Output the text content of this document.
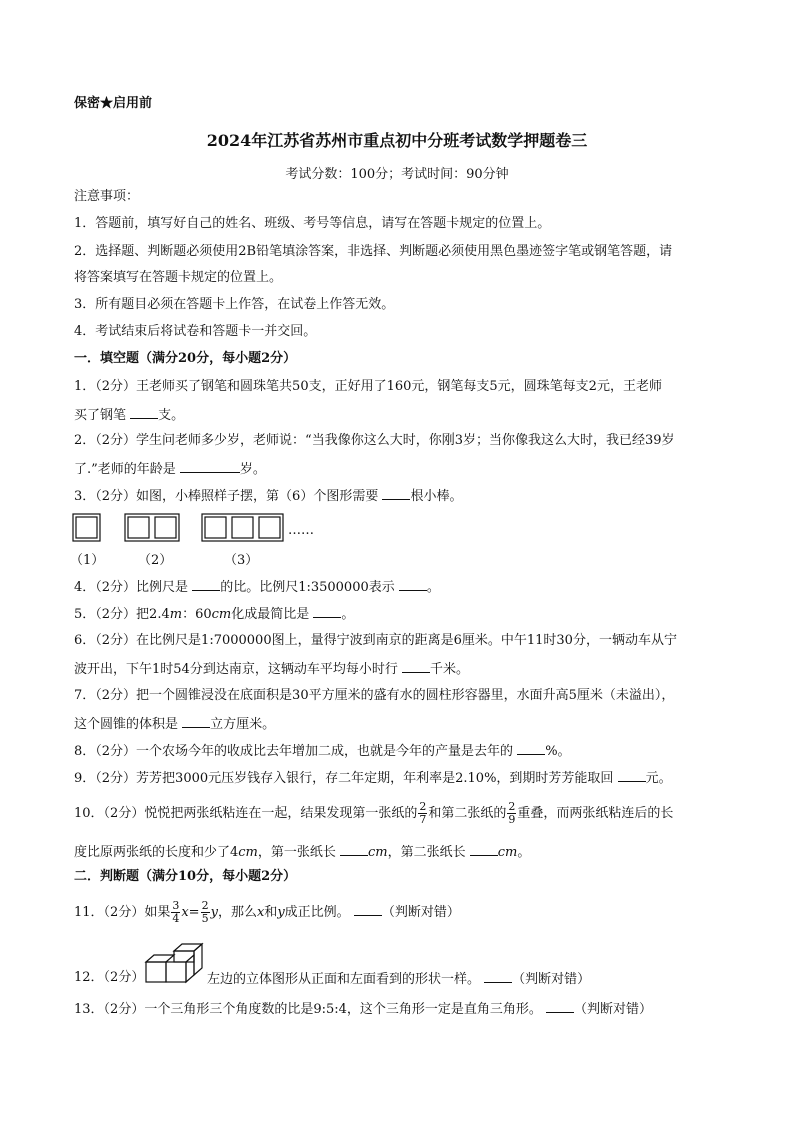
保密★启用前
2024年江苏省苏州市重点初中分班考试数学押题卷三
考试分数：100分；考试时间：90分钟
注意事项：
1．答题前，填写好自己的姓名、班级、考号等信息，请写在答题卡规定的位置上。
2．选择题、判断题必须使用2B铅笔填涂答案，非选择、判断题必须使用黑色墨迹签字笔或钢笔答题，请
将答案填写在答题卡规定的位置上。
3．所有题目必须在答题卡上作答，在试卷上作答无效。
4．考试结束后将试卷和答题卡一并交回。
一．填空题（满分20分，每小题2分）
1．（2分）王老师买了钢笔和圆珠笔共50支，正好用了160元，钢笔每支5元，圆珠笔每支2元，王老师
买了钢笔 支。
2．（2分）学生问老师多少岁，老师说：“当我像你这么大时，你刚3岁；当你像我这么大时，我已经39岁
了.”老师的年龄是	岁。
3．（2分）如图，小棒照样子摆，第（6）个图形需要 根小棒。
……
（1）	（2）	（3）
4．（2分）比例尺是 的比。比例尺1:3500000表示 。
5．（2分）把2.4m：60cm化成最简比是 。
6．（2分）在比例尺是1:7000000图上，量得宁波到南京的距离是6厘米。中午11时30分，一辆动车从宁
波开出，下午1时54分到达南京，这辆动车平均每小时行 千米。
7．（2分）把一个圆锥浸没在底面积是30平方厘米的盛有水的圆柱形容器里，水面升高5厘米（未溢出），
这个圆锥的体积是 立方厘米。
8．（2分）一个农场今年的收成比去年增加二成，也就是今年的产量是去年的 %。
9．（2分）芳芳把3000元压岁钱存入银行，存二年定期，年利率是2.10%，到期时芳芳能取回 元。
10．（2分）悦悦把两张纸粘连在一起，结果发现第一张纸的 $\frac{2}{7}$ 和第二张纸的 $\frac{2}{9}$ 重叠，而两张纸粘连后的长
度比原两张纸的长度和少了4cm，第一张纸长 cm，第二张纸长 cm。
二．判断题（满分10分，每小题2分）
11．（2分）如果 $\frac{3}{4} x= \frac{2}{5}$ y，那么x和y成正比例。 （判断对错）
12．（2分）	左边的立体图形从正面和左面看到的形状一样。 （判断对错）
13．（2分）一个三角形三个角度数的比是9:5:4，这个三角形一定是直角三角形。 （判断对错）
